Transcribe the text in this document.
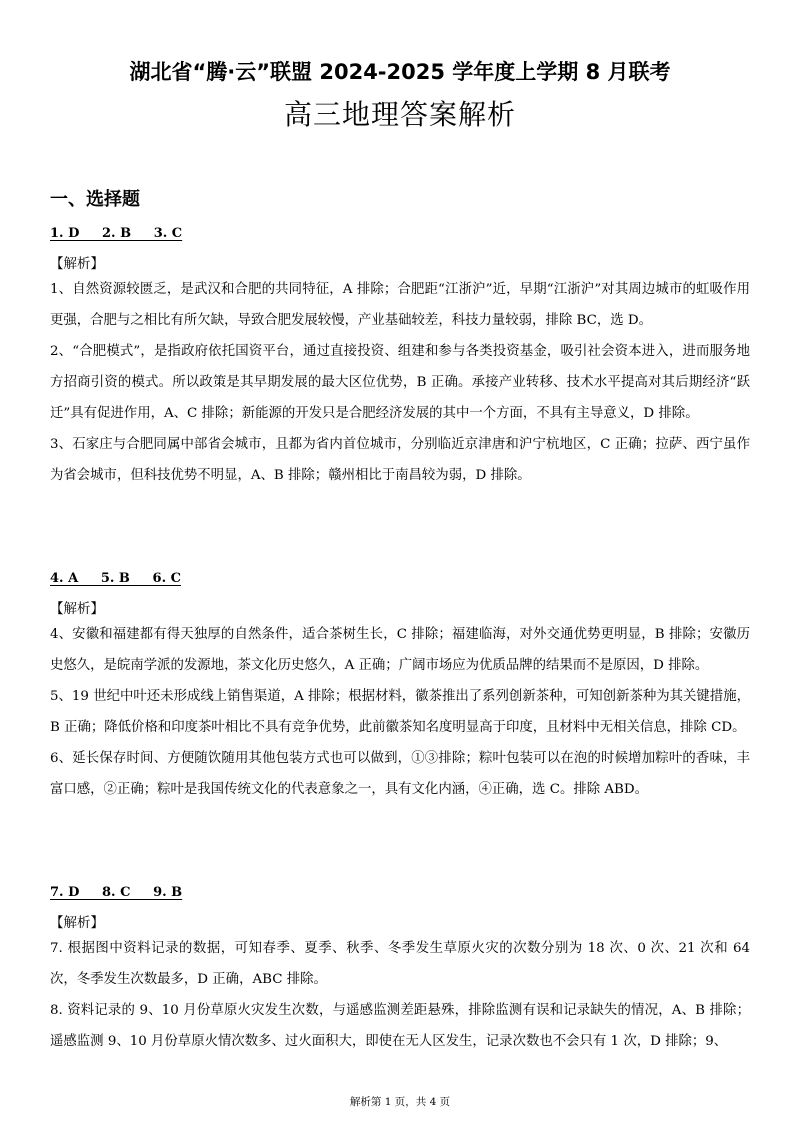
湖北省“腾·云”联盟 2024-2025 学年度上学期 8 月联考
高三地理答案解析
一、选择题
1. D     2. B     3. C
【解析】

1、自然资源较匮乏，是武汉和合肥的共同特征，A 排除；合肥距“江浙沪”近，早期“江浙沪”对其周边城市的虹吸作用更强，合肥与之相比有所欠缺，导致合肥发展较慢，产业基础较差，科技力量较弱，排除 BC，选 D。

2、“合肥模式”，是指政府依托国资平台，通过直接投资、组建和参与各类投资基金，吸引社会资本进入，进而服务地方招商引资的模式。所以政策是其早期发展的最大区位优势，B 正确。承接产业转移、技术水平提高对其后期经济“跃迁”具有促进作用，A、C 排除；新能源的开发只是合肥经济发展的其中一个方面，不具有主导意义，D 排除。

3、石家庄与合肥同属中部省会城市，且都为省内首位城市，分别临近京津唐和沪宁杭地区，C 正确；拉萨、西宁虽作为省会城市，但科技优势不明显，A、B 排除；赣州相比于南昌较为弱，D 排除。

4. A     5. B     6. C
【解析】

4、安徽和福建都有得天独厚的自然条件，适合茶树生长，C 排除；福建临海，对外交通优势更明显，B 排除；安徽历史悠久，是皖南学派的发源地，茶文化历史悠久，A 正确；广阔市场应为优质品牌的结果而不是原因，D 排除。

5、19 世纪中叶还未形成线上销售渠道，A 排除；根据材料，徽茶推出了系列创新茶种，可知创新茶种为其关键措施，B 正确；降低价格和印度茶叶相比不具有竞争优势，此前徽茶知名度明显高于印度，且材料中无相关信息，排除 CD。

6、延长保存时间、方便随饮随用其他包装方式也可以做到，①③排除；粽叶包装可以在泡的时候增加粽叶的香味，丰富口感，②正确；粽叶是我国传统文化的代表意象之一，具有文化内涵，④正确，选 C。排除 ABD。

7. D     8. C     9. B
【解析】

7. 根据图中资料记录的数据，可知春季、夏季、秋季、冬季发生草原火灾的次数分别为 18 次、0 次、21 次和 64 次，冬季发生次数最多，D 正确，ABC 排除。

8. 资料记录的 9、10 月份草原火灾发生次数，与遥感监测差距悬殊，排除监测有误和记录缺失的情况，A、B 排除；遥感监测 9、10 月份草原火情次数多、过火面积大，即使在无人区发生，记录次数也不会只有 1 次，D 排除；9、

解析第 1 页，共 4 页
